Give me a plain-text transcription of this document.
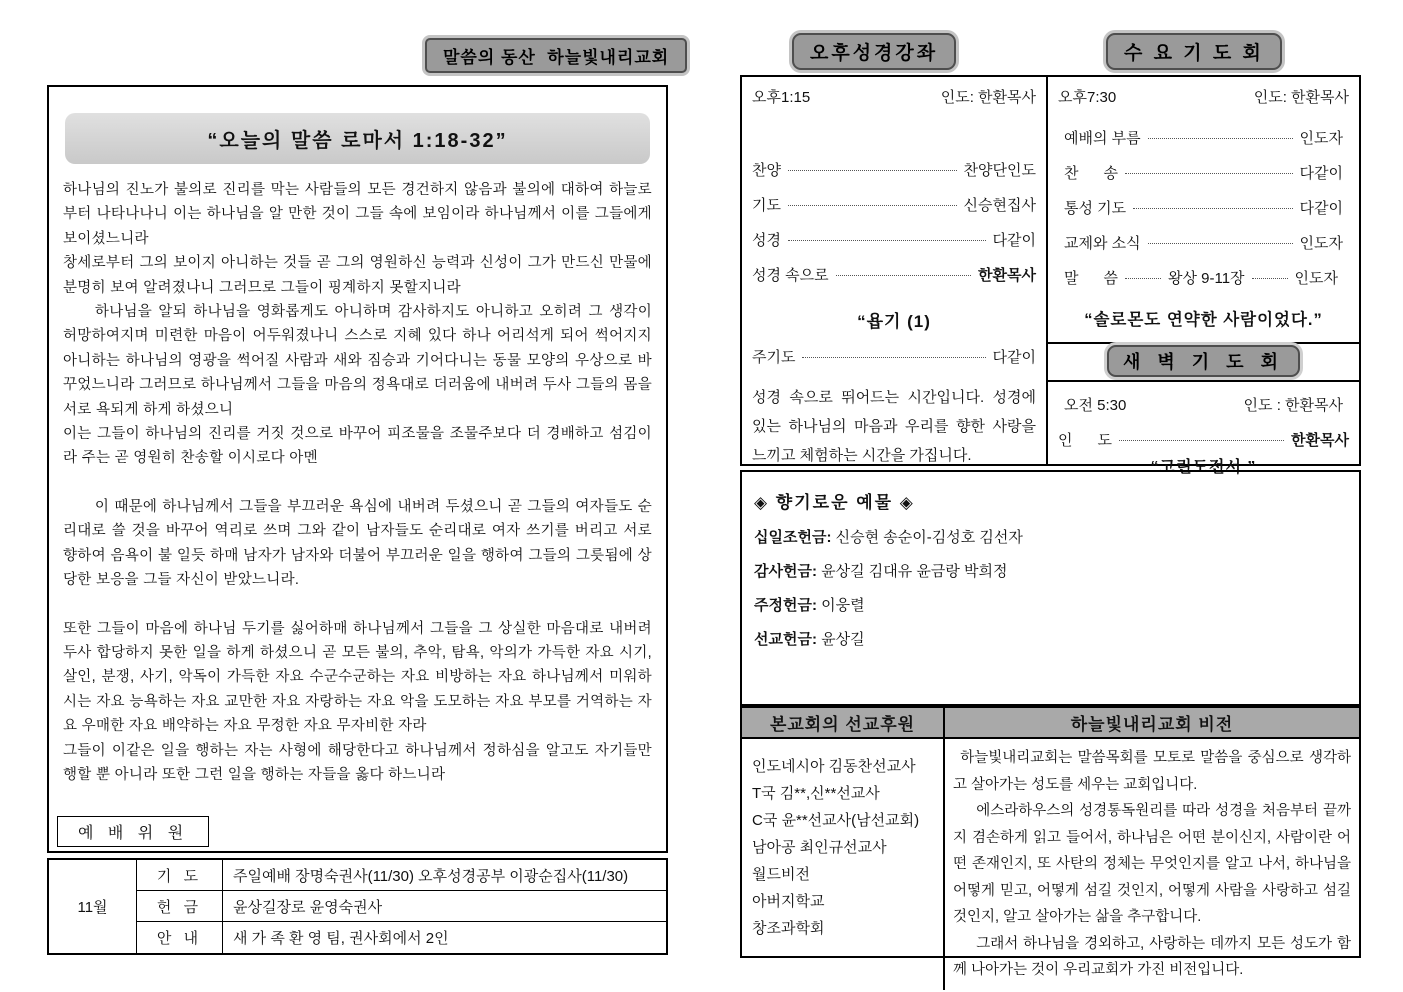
말씀의 동산  하늘빛내리교회
“오늘의 말씀 로마서 1:18-32”

하나님의 진노가 불의로 진리를 막는 사람들의 모든 경건하지 않음과 불의에 대하여 하늘로부터 나타나나니 이는 하나님을 알 만한 것이 그들 속에 보임이라 하나님께서 이를 그들에게 보이셨느니라

창세로부터 그의 보이지 아니하는 것들 곧 그의 영원하신 능력과 신성이 그가 만드신 만물에 분명히 보여 알려졌나니 그러므로 그들이 핑계하지 못할지니라

하나님을 알되 하나님을 영화롭게도 아니하며 감사하지도 아니하고 오히려 그 생각이 허망하여지며 미련한 마음이 어두워졌나니 스스로 지혜 있다 하나 어리석게 되어 썩어지지 아니하는 하나님의 영광을 썩어질 사람과 새와 짐승과 기어다니는 동물 모양의 우상으로 바꾸었느니라 그러므로 하나님께서 그들을 마음의 정욕대로 더러움에 내버려 두사 그들의 몸을 서로 욕되게 하게 하셨으니

이는 그들이 하나님의 진리를 거짓 것으로 바꾸어 피조물을 조물주보다 더 경배하고 섬김이라 주는 곧 영원히 찬송할 이시로다 아멘

이 때문에 하나님께서 그들을 부끄러운 욕심에 내버려 두셨으니 곧 그들의 여자들도 순리대로 쓸 것을 바꾸어 역리로 쓰며 그와 같이 남자들도 순리대로 여자 쓰기를 버리고 서로 향하여 음욕이 불 일듯 하매 남자가 남자와 더불어 부끄러운 일을 행하여 그들의 그릇됨에 상당한 보응을 그들 자신이 받았느니라.

또한 그들이 마음에 하나님 두기를 싫어하매 하나님께서 그들을 그 상실한 마음대로 내버려 두사 합당하지 못한 일을 하게 하셨으니 곧 모든 불의, 추악, 탐욕, 악의가 가득한 자요 시기, 살인, 분쟁, 사기, 악독이 가득한 자요 수군수군하는 자요 비방하는 자요 하나님께서 미워하시는 자요 능욕하는 자요 교만한 자요 자랑하는 자요 악을 도모하는 자요 부모를 거역하는 자요 우매한 자요 배약하는 자요 무정한 자요 무자비한 자라

그들이 이같은 일을 행하는 자는 사형에 해당한다고 하나님께서 정하심을 알고도 자기들만 행할 뿐 아니라 또한 그런 일을 행하는 자들을 옳다 하느니라

예 배 위 원
11월
기 도	주일예배 장명숙권사(11/30) 오후성경공부 이광순집사(11/30)
헌 금	윤상길장로 윤영숙권사
안 내	새 가 족 환 영 팀, 권사회에서 2인
오후성경강좌	수 요 기 도 회
오후1:15	인도: 한환목사
찬양	찬양단인도
기도	신승현집사
성경	다같이
성경 속으로	한환목사
“욥기 (1)
주기도	다같이
성경 속으로 뛰어드는 시간입니다. 성경에 있는 하나님의 마음과 우리를 향한 사랑을 느끼고 체험하는 시간을 가집니다.
오후7:30	인도: 한환목사
예배의 부름	인도자
찬      송	다같이
통성 기도	다같이
교제와 소식	인도자
말      씀	왕상 9-11장	인도자
“솔로몬도 연약한 사람이었다.”
새 벽 기 도 회
오전 5:30	인도 : 한환목사
인      도	한환목사
“고린도전서 ”
◈ 향기로운 예물 ◈
십일조헌금: 신승현 송순이-김성호 김선자
감사헌금: 윤상길 김대유 윤금랑 박희정
주정헌금: 이웅렬
선교헌금: 윤상길
본교회의 선교후원	하늘빛내리교회 비전
인도네시아 김동찬선교사
T국 김**,신**선교사
C국 윤**선교사(남선교회)
남아공 최인규선교사
월드비전
아버지학교
창조과학회

하늘빛내리교회는 말씀목회를 모토로 말씀을 중심으로 생각하고 살아가는 성도를 세우는 교회입니다.

에스라하우스의 성경통독원리를 따라 성경을 처음부터 끝까지 겸손하게 읽고 들어서, 하나님은 어떤 분이신지, 사람이란 어떤 존재인지, 또 사탄의 정체는 무엇인지를 알고 나서, 하나님을 어떻게 믿고, 어떻게 섬길 것인지, 어떻게 사람을 사랑하고 섬길 것인지, 알고 살아가는 삶을 추구합니다.

그래서 하나님을 경외하고, 사랑하는 데까지 모든 성도가 함께 나아가는 것이 우리교회가 가진 비전입니다.
